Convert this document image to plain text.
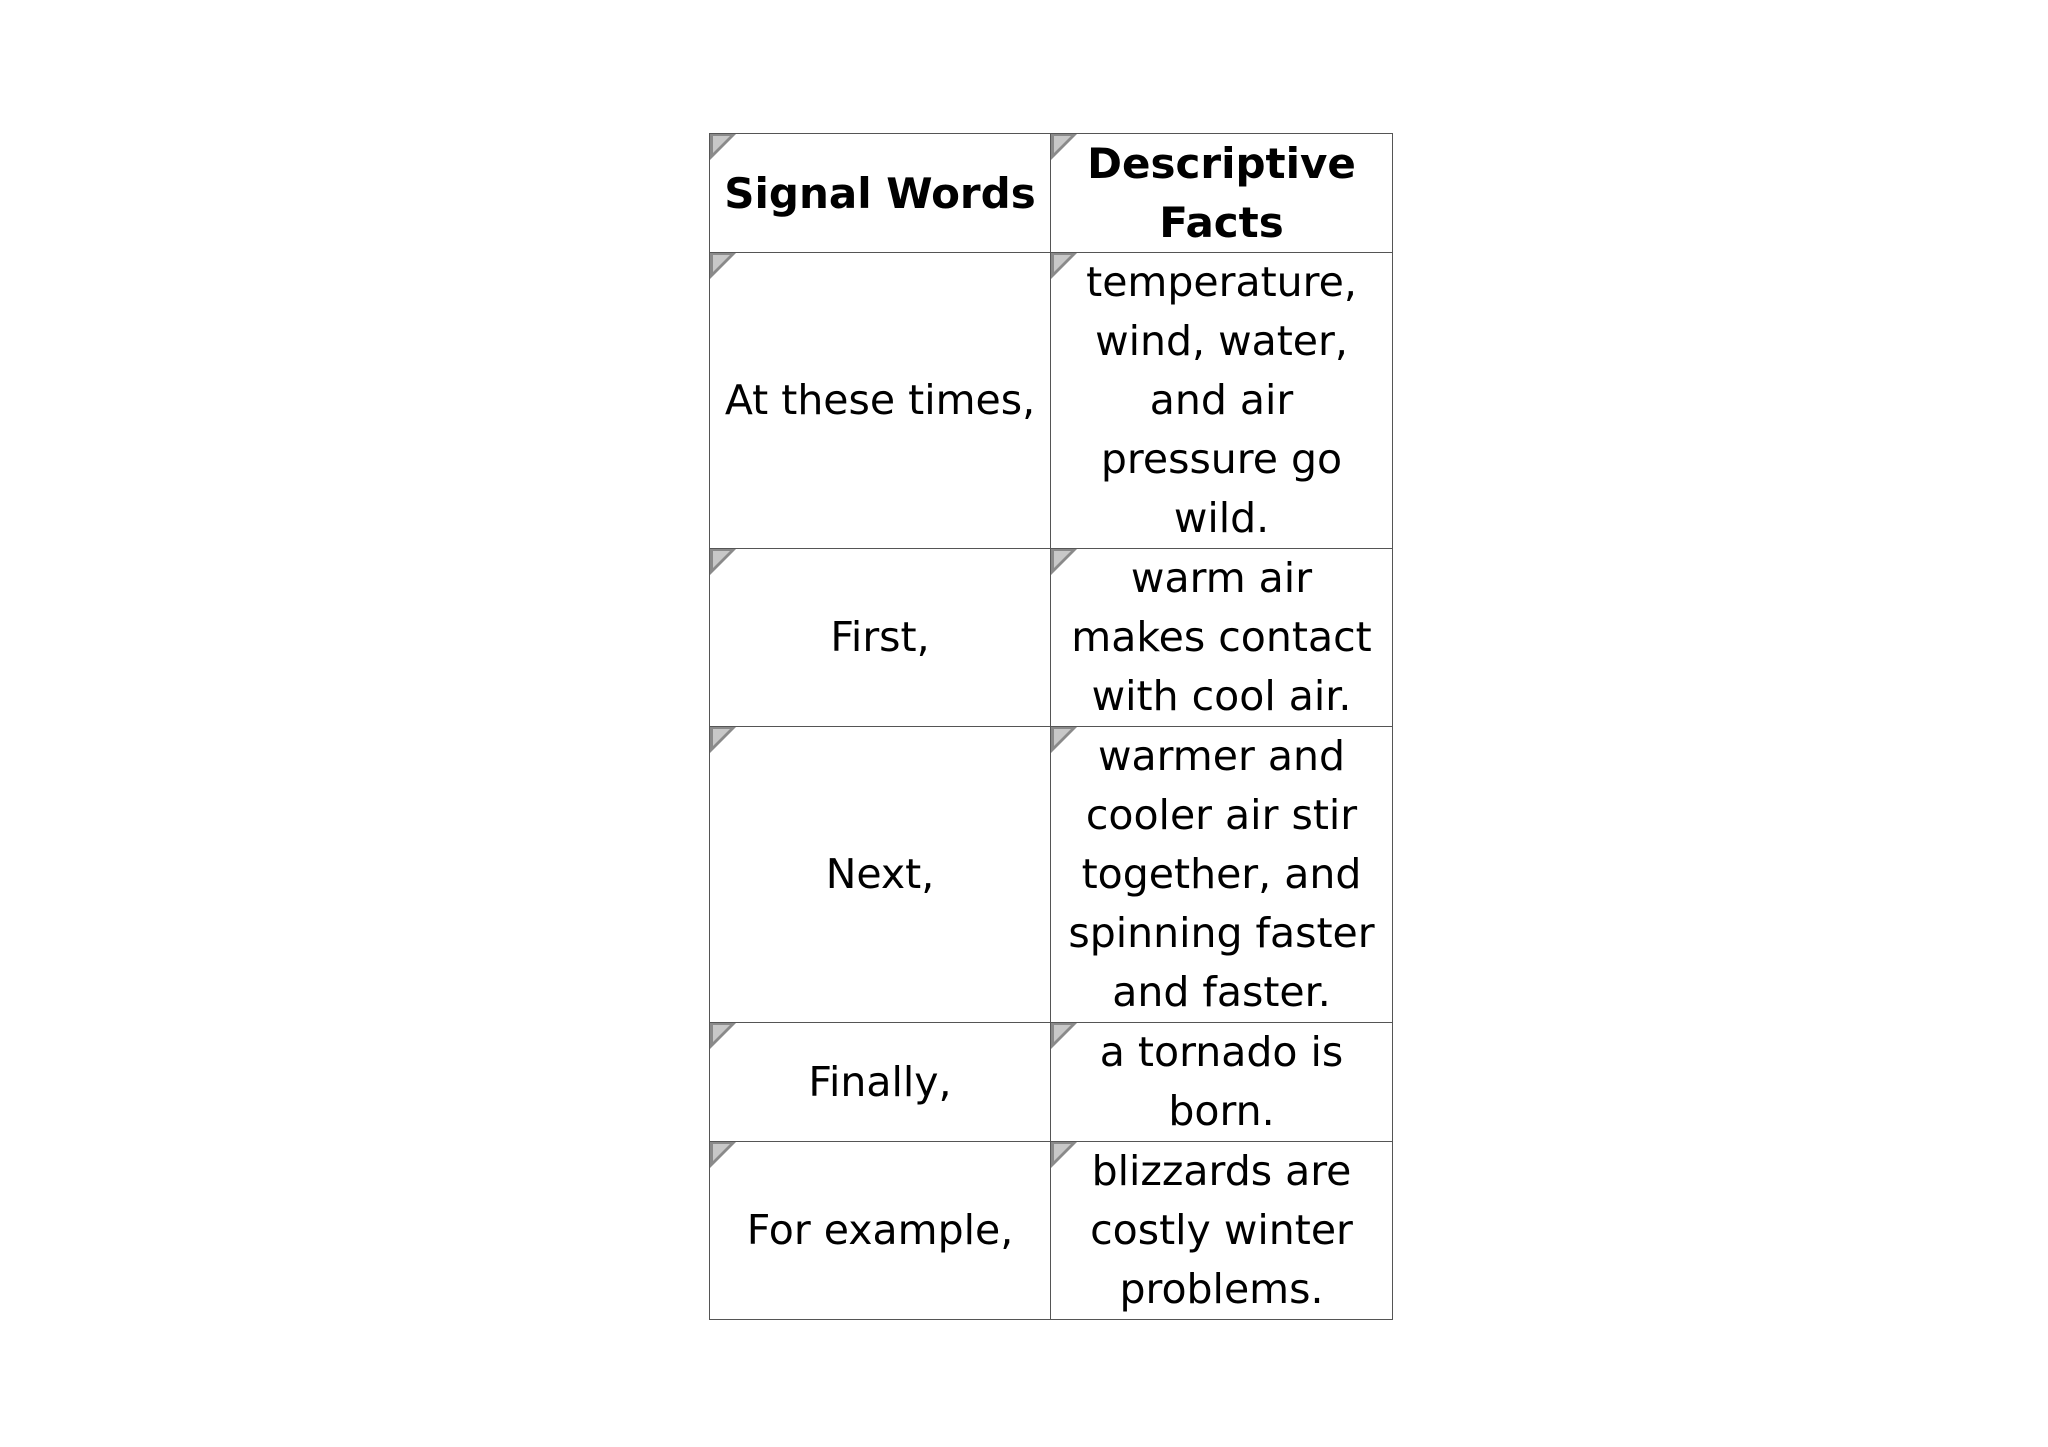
Signal Words	Descriptive
Facts

At these times,	temperature,
wind, water,
and air
pressure go
wild.

First,	warm air
makes contact
with cool air.

Next,	warmer and
cooler air stir
together, and
spinning faster
and faster.

Finally,	a tornado is
born.

For example,	blizzards are
costly winter
problems.
